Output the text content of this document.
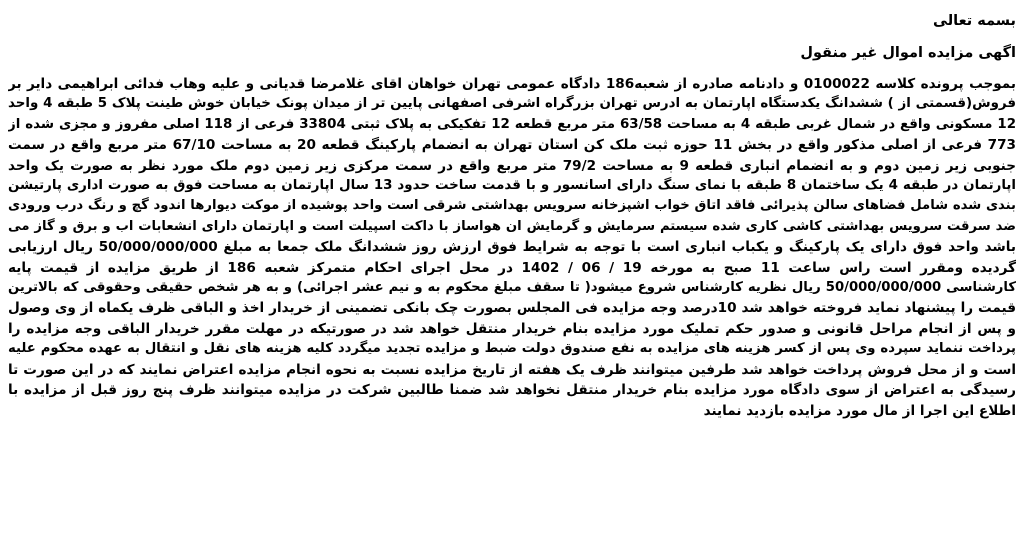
بسمه تعالی
اگهی مزایده اموال غیر منقول
بموجب پرونده کلاسه 0100022 و دادنامه صادره از شعبه186 دادگاه عمومی تهران خواهان اقای غلامرضا قدیانی و علیه وهاب فدائی ابراهیمی دایر بر
فروش(قسمتی از ) ششدانگ یکدستگاه اپارتمان به ادرس تهران بزرگراه اشرفی اصفهانی پایین تر از میدان پونک خیابان خوش طینت پلاک 5 طبقه 4 واحد
12 مسکونی واقع در شمال غربی طبقه 4 به مساحت 63/58 متر مربع قطعه 12 تفکیکی به پلاک ثبتی 33804 فرعی از 118 اصلی مفروز و مجزی شده از
773 فرعی از اصلی مذکور واقع در بخش 11 حوزه ثبت ملک کن استان تهران به انضمام پارکینگ قطعه 20 به مساحت 67/10 متر مربع واقع در سمت
جنوبی زیر زمین دوم و به انضمام انباری قطعه 9 به مساحت 79/2 متر مربع واقع در سمت مرکزی زیر زمین دوم ملک مورد نظر به صورت یک واحد
اپارتمان در طبقه 4 یک ساختمان 8 طبقه با نمای سنگ دارای اسانسور و با قدمت ساخت حدود 13 سال اپارتمان به مساحت فوق به صورت اداری پارتیشن
بندی شده شامل فضاهای سالن پذیرائی فاقد اتاق خواب اشپزخانه سرویس بهداشتی شرقی است واحد پوشیده از موکت دیوارها اندود گچ و رنگ درب ورودی
ضد سرقت سرویس بهداشتی کاشی کاری شده سیستم سرمایش و گرمایش ان هواساز با داکت اسپیلت است و اپارتمان دارای انشعابات اب و برق و گاز می
باشد واحد فوق دارای یک پارکینگ و یکباب انباری است با توجه به شرایط فوق ارزش روز ششدانگ ملک جمعا به مبلغ 50/000/000/000 ریال ارزیابی
گردیده ومقرر است راس ساعت 11 صبح به مورخه 19 / 06 / 1402 در محل اجرای احکام متمرکز شعبه 186 از طریق مزایده از قیمت پایه
کارشناسی 50/000/000/000 ریال نظریه کارشناس شروع میشود( تا سقف مبلغ محکوم به و نیم عشر اجرائی) و به هر شخص حقیقی وحقوقی که بالاترین
قیمت را پیشنهاد نماید فروخته خواهد شد 10درصد وجه مزایده فی المجلس بصورت چک بانکی تضمینی از خریدار اخذ و الباقی ظرف یکماه از وی وصول
و پس از انجام مراحل قانونی و صدور حکم تملیک مورد مزایده بنام خریدار منتقل خواهد شد در صورتیکه در مهلت مقرر خریدار الباقی وجه مزایده را
پرداخت ننماید سپرده وی پس از کسر هزینه های مزایده به نفع صندوق دولت ضبط و مزایده تجدید میگردد کلیه هزینه های نقل و انتقال به عهده محکوم علیه
است و از محل فروش پرداخت خواهد شد طرفین میتوانند ظرف یک هفته از تاریخ مزایده نسبت به نحوه انجام مزایده اعتراض نمایند که در این صورت تا
رسیدگی به اعتراض از سوی دادگاه مورد مزایده بنام خریدار منتقل نخواهد شد ضمنا طالبین شرکت در مزایده میتوانند ظرف پنج روز قبل از مزایده با
اطلاع این اجرا از مال مورد مزایده بازدید نمایند
